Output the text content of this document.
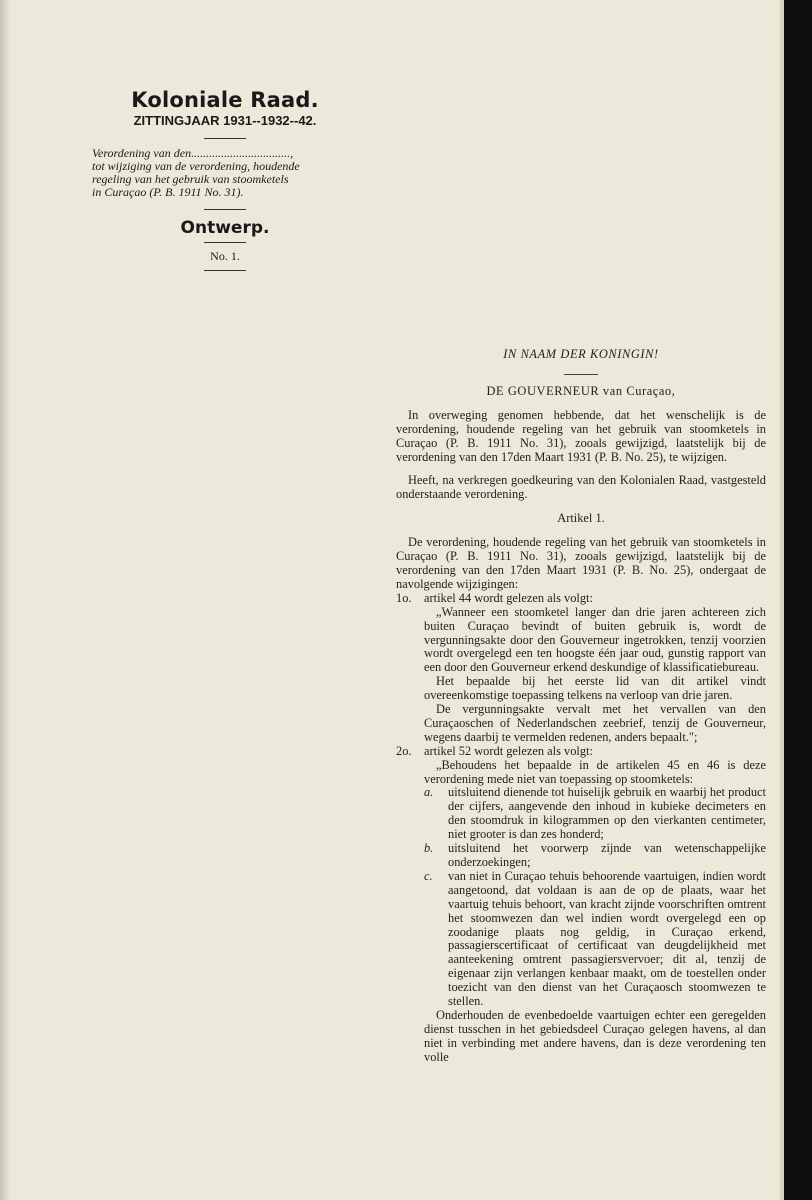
Koloniale Raad.
ZITTINGJAAR 1931--1932--42.
Verordening van den.................................,
tot wijziging van de verordening, houdende
regeling van het gebruik van stoomketels
in Curaçao (P. B. 1911 No. 31).
Ontwerp.
No. 1.
IN NAAM DER KONINGIN!
DE GOUVERNEUR van Curaçao,
In overweging genomen hebbende, dat het wenschelijk is de verordening, houdende regeling van het gebruik van stoomketels in Curaçao (P. B. 1911 No. 31), zooals gewijzigd, laatstelijk bij de verordening van den 17den Maart 1931 (P. B. No. 25), te wijzigen.
Heeft, na verkregen goedkeuring van den Kolonialen Raad, vastgesteld onderstaande verordening.
Artikel 1.
De verordening, houdende regeling van het gebruik van stoomketels in Curaçao (P. B. 1911 No. 31), zooals gewijzigd, laatstelijk bij de verordening van den 17den Maart 1931 (P. B. No. 25), ondergaat de navolgende wijzigingen:
1o.	artikel 44 wordt gelezen als volgt:
„Wanneer een stoomketel langer dan drie jaren achtereen zich buiten Curaçao bevindt of buiten gebruik is, wordt de vergunningsakte door den Gouverneur ingetrokken, tenzij voorzien wordt overgelegd een ten hoogste één jaar oud, gunstig rapport van een door den Gouverneur erkend deskundige of klassificatiebureau.
Het bepaalde bij het eerste lid van dit artikel vindt overeenkomstige toepassing telkens na verloop van drie jaren.
De vergunningsakte vervalt met het vervallen van den Curaçaoschen of Nederlandschen zeebrief, tenzij de Gouverneur, wegens daarbij te vermelden redenen, anders bepaalt.";
2o.	artikel 52 wordt gelezen als volgt:
„Behoudens het bepaalde in de artikelen 45 en 46 is deze verordening mede niet van toepassing op stoomketels:
a.	uitsluitend dienende tot huiselijk gebruik en waarbij het product der cijfers, aangevende den inhoud in kubieke decimeters en den stoomdruk in kilogrammen op den vierkanten centimeter, niet grooter is dan zes honderd;
b.	uitsluitend het voorwerp zijnde van wetenschappelijke onderzoekingen;
c.	van niet in Curaçao tehuis behoorende vaartuigen, indien wordt aangetoond, dat voldaan is aan de op de plaats, waar het vaartuig tehuis behoort, van kracht zijnde voorschriften omtrent het stoomwezen dan wel indien wordt overgelegd een op zoodanige plaats nog geldig, in Curaçao erkend, passagierscertificaat of certificaat van deugdelijkheid met aanteekening omtrent passagiersvervoer; dit al, tenzij de eigenaar zijn verlangen kenbaar maakt, om de toestellen onder toezicht van den dienst van het Curaçaosch stoomwezen te stellen.
Onderhouden de evenbedoelde vaartuigen echter een geregelden dienst tusschen in het gebiedsdeel Curaçao gelegen havens, al dan niet in verbinding met andere havens, dan is deze verordening ten volle
